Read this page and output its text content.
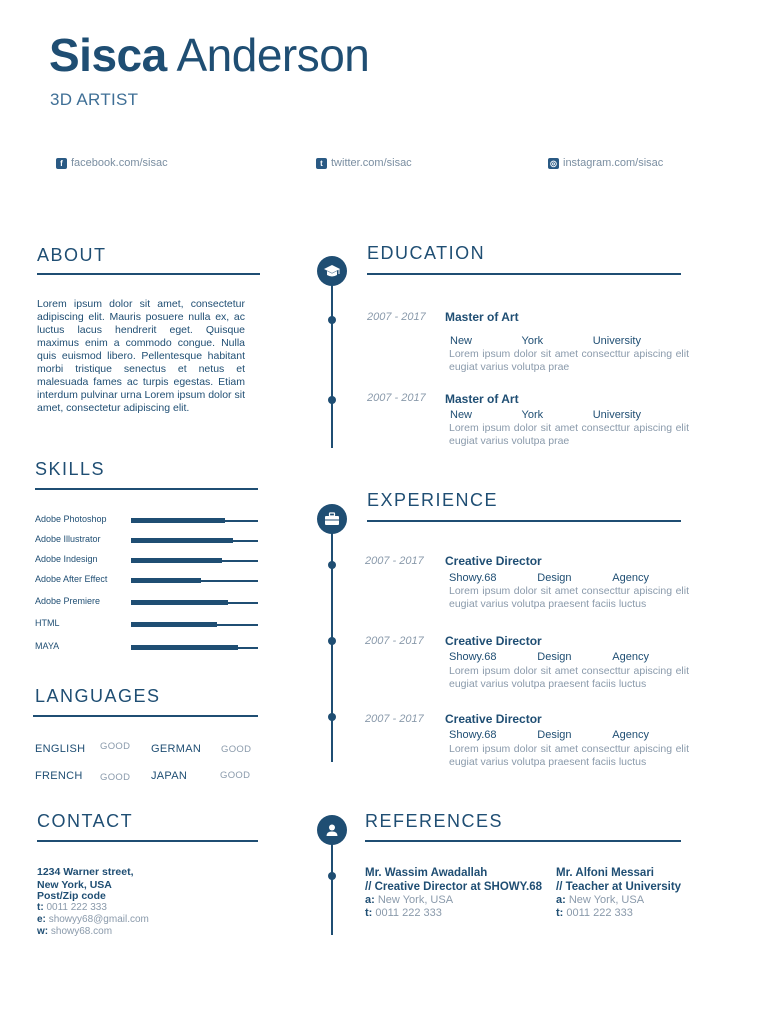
Sisca Anderson
3D ARTIST
f facebook.com/sisac	t twitter.com/sisac	◎ instagram.com/sisac
ABOUT
Lorem ipsum dolor sit amet, consectetur adipiscing elit. Mauris posuere nulla ex, ac luctus lacus hendrerit eget. Quisque maximus enim a commodo congue. Nulla quis euismod libero. Pellentesque habitant morbi tristique senectus et netus et malesuada fames ac turpis egestas. Etiam interdum pulvinar urna Lorem ipsum dolor sit amet, consectetur adipiscing elit.
SKILLS
Adobe Photoshop
Adobe Illustrator
Adobe Indesign
Adobe After Effect
Adobe Premiere
HTML
MAYA
LANGUAGES
ENGLISH GOOD GERMAN GOOD
FRENCH GOOD JAPAN	GOOD
CONTACT
1234 Warner street,
New York, USA
Post/Zip code
t: 0011 222 333
e: showyy68@gmail.com
w: showy68.com
EDUCATION
2007 - 2017 Master of Art
New	York	University
Lorem ipsum dolor sit amet consecttur apiscing elit eugiat varius volutpa prae
2007 - 2017 Master of Art
New	York	University
Lorem ipsum dolor sit amet consecttur apiscing elit eugiat varius volutpa prae
EXPERIENCE
2007 - 2017 Creative Director
Showy.68	Design	Agency
Lorem ipsum dolor sit amet consecttur apiscing elit eugiat varius volutpa praesent faciis luctus
2007 - 2017 Creative Director
Showy.68	Design	Agency
Lorem ipsum dolor sit amet consecttur apiscing elit eugiat varius volutpa praesent faciis luctus
2007 - 2017 Creative Director
Showy.68	Design	Agency
Lorem ipsum dolor sit amet consecttur apiscing elit eugiat varius volutpa praesent faciis luctus
REFERENCES
Mr. Wassim Awadallah
// Creative Director at SHOWY.68
a: New York, USA
t: 0011 222 333
Mr. Alfoni Messari
// Teacher at University
a: New York, USA
t: 0011 222 333
